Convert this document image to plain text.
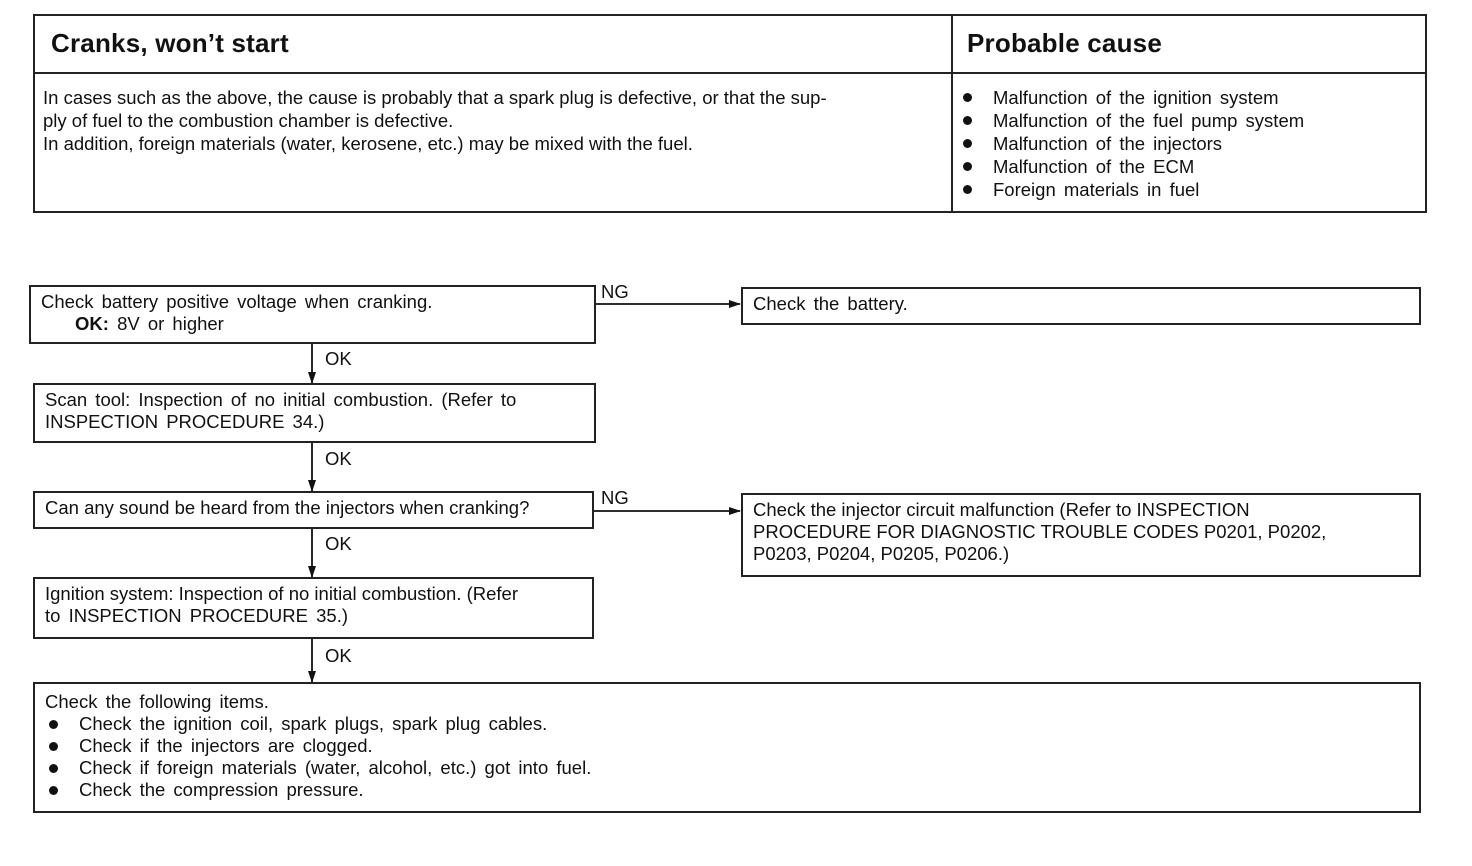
Cranks, won’t start	Probable cause

In cases such as the above, the cause is probably that a spark plug is defective, or that the sup-

ply of fuel to the combustion chamber is defective.

In addition, foreign materials (water, kerosene, etc.) may be mixed with the fuel.

Malfunction of the ignition system
Malfunction of the fuel pump system
Malfunction of the injectors
Malfunction of the ECM
Foreign materials in fuel

Check battery positive voltage when cranking.

OK: 8V or higher

NG

Check the battery.

OK

Scan tool: Inspection of no initial combustion. (Refer to

INSPECTION PROCEDURE 34.)

OK

Can any sound be heard from the injectors when cranking?	NG

Check the injector circuit malfunction (Refer to INSPECTION

PROCEDURE FOR DIAGNOSTIC TROUBLE CODES P0201, P0202,

P0203, P0204, P0205, P0206.)

OK

Ignition system: Inspection of no initial combustion. (Refer

to INSPECTION PROCEDURE 35.)

OK

Check the following items.

Check the ignition coil, spark plugs, spark plug cables.
Check if the injectors are clogged.
Check if foreign materials (water, alcohol, etc.) got into fuel.
Check the compression pressure.
